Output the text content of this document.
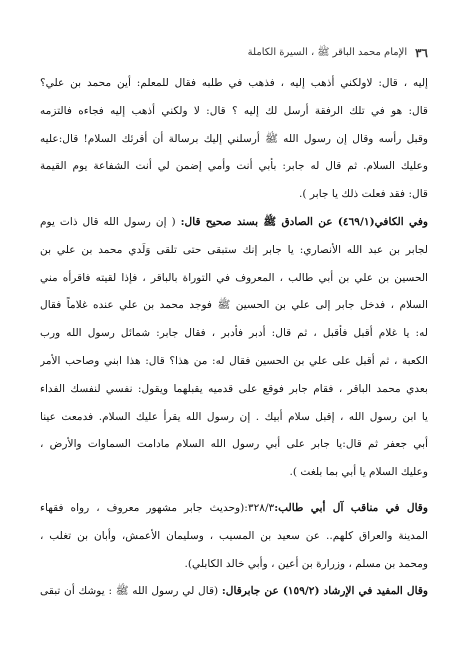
٣٦
الإمام محمد الباقر ﷺ ، السيرة الكاملة
إليه ، قال: لاولكني أذهب إليه ، فذهب في طلبه فقال للمعلم: أين محمد بن علي؟
قال: هو في تلك الرفقة أرسل لك إليه ؟ قال: لا ولكني أذهب إليه فجاءه فالتزمه
وقبل رأسه وقال إن رسول الله ﷺ أرسلني إليك برسالة أن أقرئك السلام! قال:عليه
وعليك السلام. ثم قال له جابر: بأبي أنت وأمي إضمن لي أنت الشفاعة يوم القيمة
قال: فقد فعلت ذلك يا جابر ).
وفي الكافي(٤٦٩/١) عن الصادق ﷺ بسند صحيح قال: ( إن رسول الله قال ذات يوم
لجابر بن عبد الله الأنصاري: يا جابر إنك ستبقى حتى تلقى وَلَدي محمد بن علي بن
الحسين بن علي بن أبي طالب ، المعروف في التوراة بالباقر ، فإذا لقيته فاقرأه مني
السلام ، فدخل جابر إلى علي بن الحسين ﷺ فوجد محمد بن علي عنده غلاماً فقال
له: يا غلام أقبل فأقبل ، ثم قال: أدبر فأدبر ، فقال جابر: شمائل رسول الله ورب
الكعبة ، ثم أقبل على علي بن الحسين فقال له: من هذا؟ قال: هذا ابني وصاحب الأمر
بعدي محمد الباقر ، فقام جابر فوقع على قدميه يقبلهما ويقول: نفسي لنفسك الفداء
يا ابن رسول الله ، إقبل سلام أبيك . إن رسول الله يقرأ عليك السلام. فدمعت عينا
أبي جعفر ثم قال:يا جابر على أبي رسول الله السلام مادامت السماوات والأرض ،
وعليك السلام يا أبي بما بلغت ).
وقال في مناقب آل أبي طالب:٣٢٨/٣:(وحديث جابر مشهور معروف ، رواه فقهاء
المدينة والعراق كلهم.. عن سعيد بن المسيب ، وسليمان الأعمش، وأبان بن تغلب ،
ومحمد بن مسلم ، وزرارة بن أعين ، وأبي خالد الكابلي).
وقال المفيد في الإرشاد (١٥٩/٢) عن جابرقال: (قال لي رسول الله ﷺ : يوشك أن تبقى
